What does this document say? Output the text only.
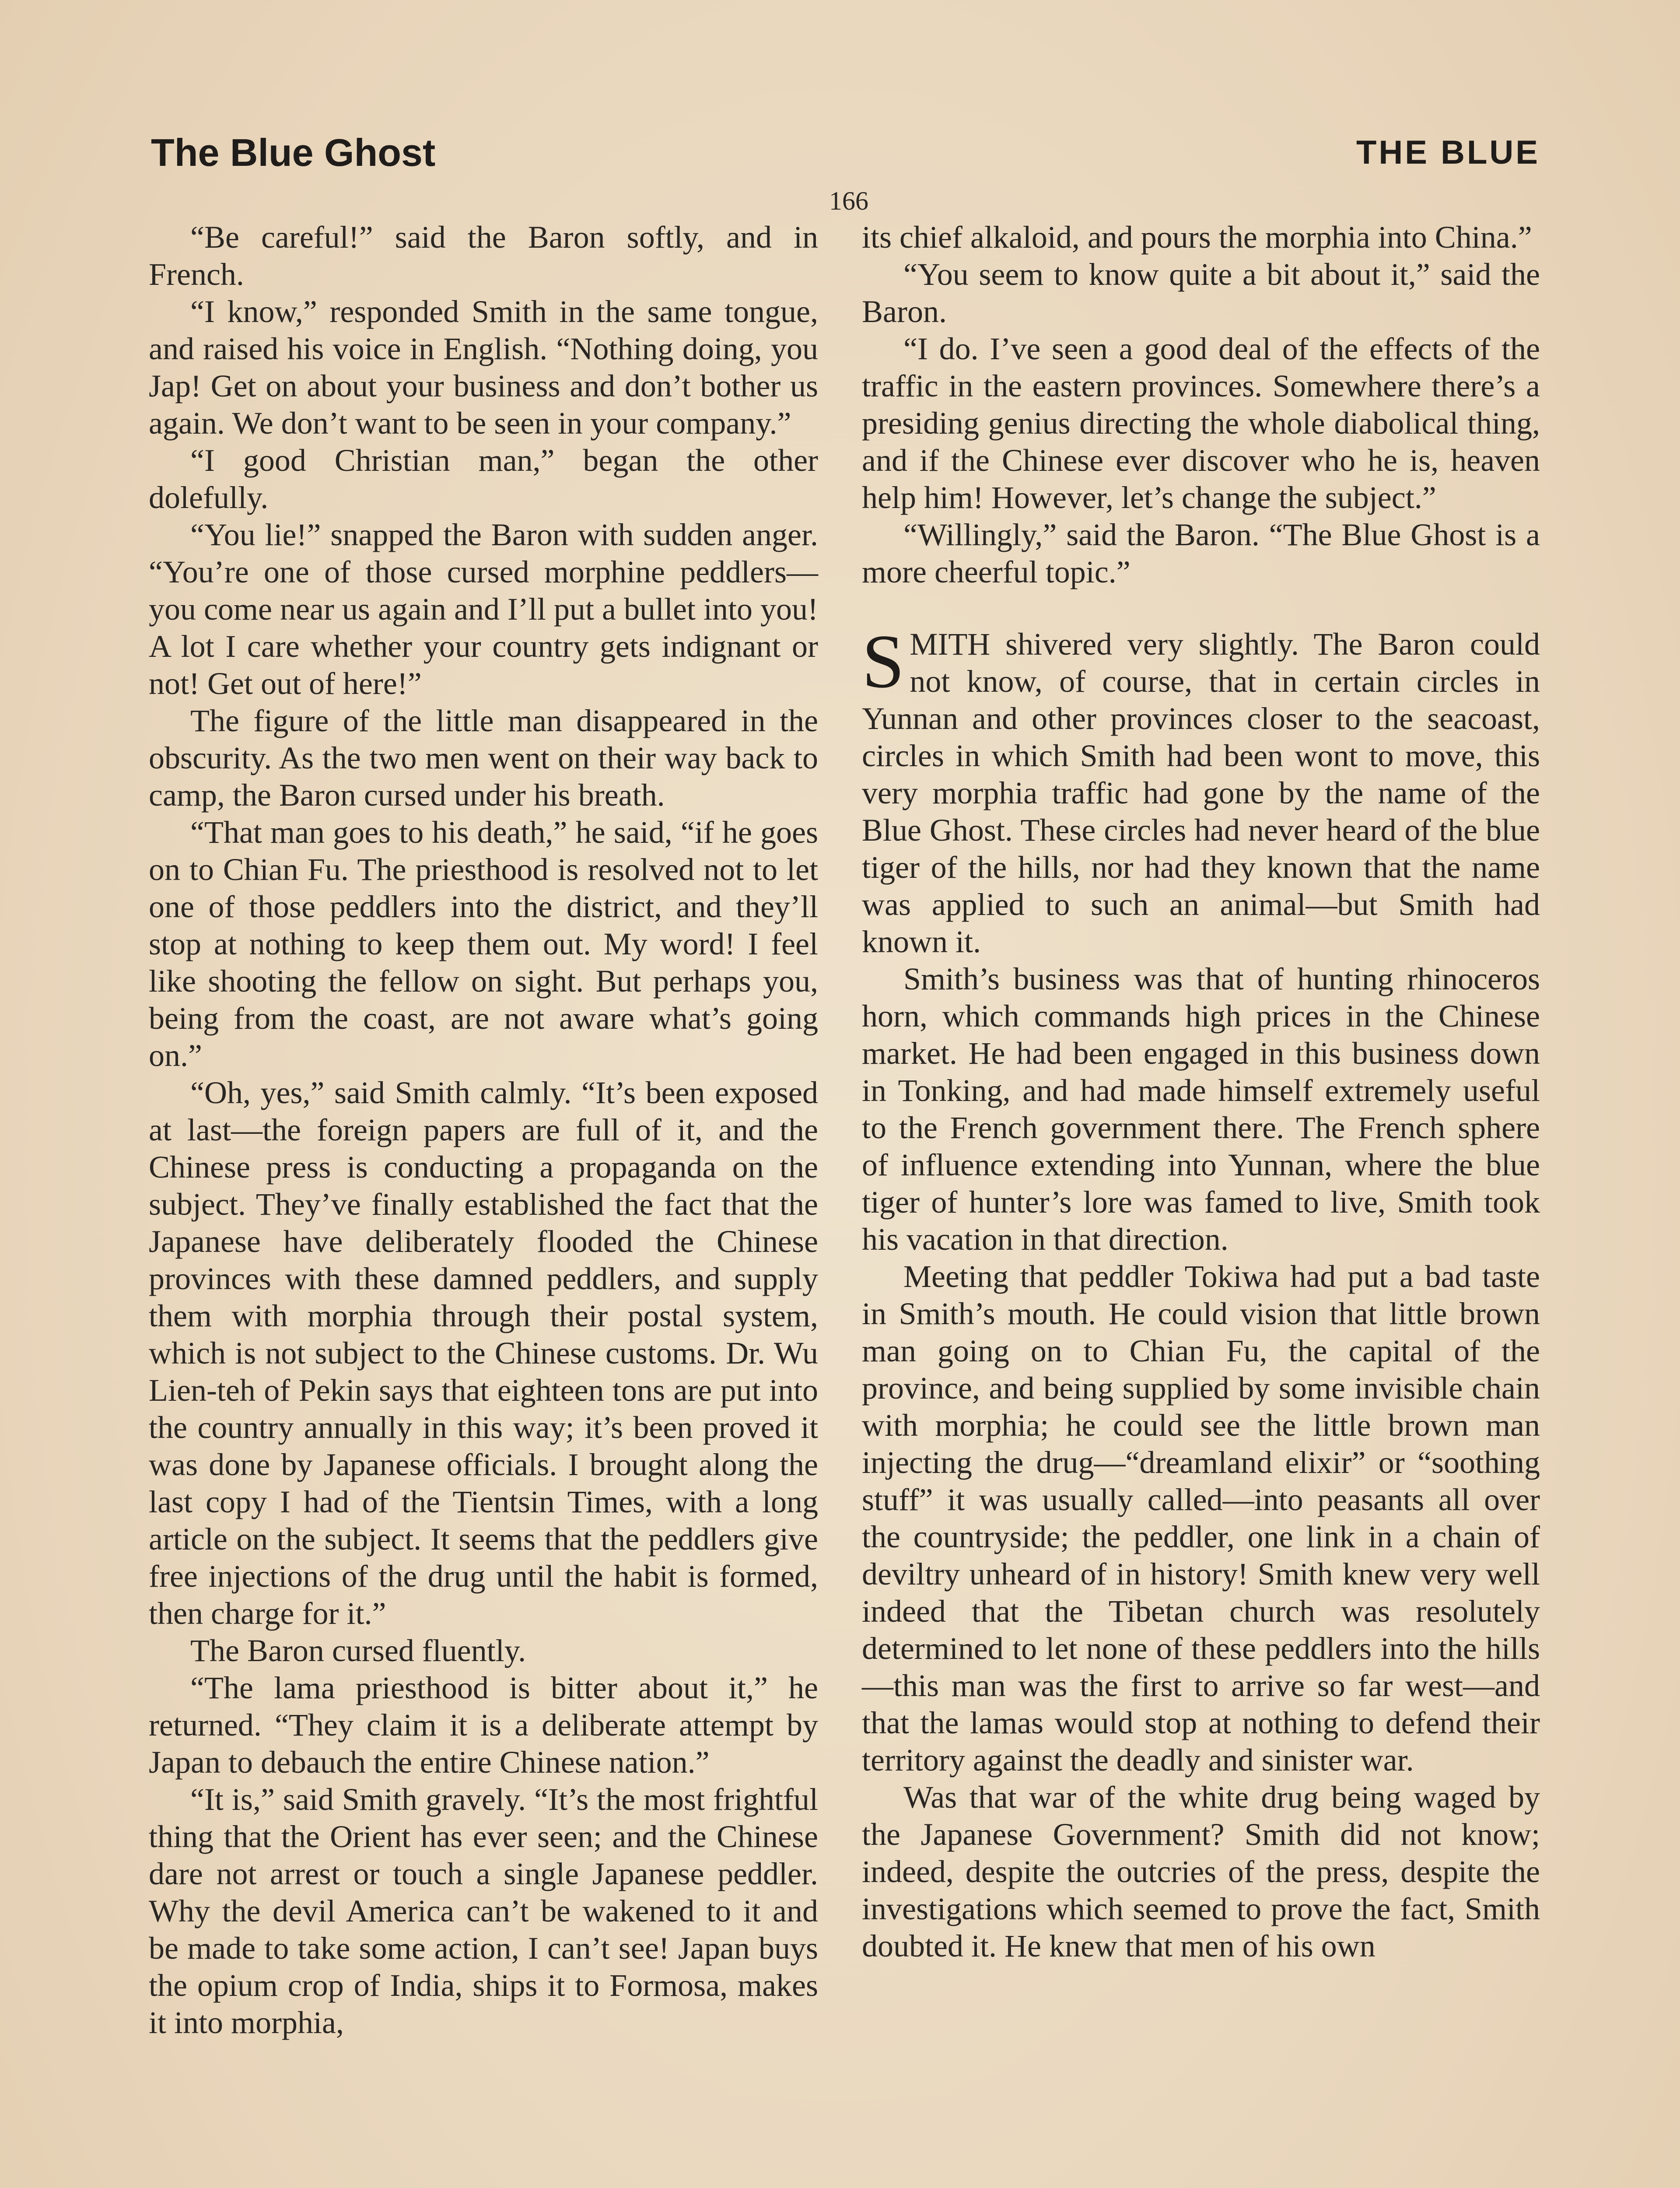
The Blue Ghost	THE BLUE
166

“Be careful!” said the Baron softly, and in French.

“I know,” responded Smith in the same tongue, and raised his voice in English. “Nothing doing, you Jap! Get on about your business and don’t bother us again. We don’t want to be seen in your company.”

“I good Christian man,” began the other dolefully.

“You lie!” snapped the Baron with sudden anger. “You’re one of those cursed morphine peddlers—you come near us again and I’ll put a bullet into you! A lot I care whether your country gets indignant or not! Get out of here!”

The figure of the little man disappeared in the obscurity. As the two men went on their way back to camp, the Baron cursed under his breath.

“That man goes to his death,” he said, “if he goes on to Chian Fu. The priesthood is resolved not to let one of those peddlers into the district, and they’ll stop at nothing to keep them out. My word! I feel like shooting the fellow on sight. But perhaps you, being from the coast, are not aware what’s going on.”

“Oh, yes,” said Smith calmly. “It’s been exposed at last—the foreign papers are full of it, and the Chinese press is conducting a propaganda on the subject. They’ve finally established the fact that the Japanese have deliberately flooded the Chinese provinces with these damned peddlers, and supply them with morphia through their postal system, which is not subject to the Chinese customs. Dr. Wu Lien-teh of Pekin says that eighteen tons are put into the country annually in this way; it’s been proved it was done by Japanese officials. I brought along the last copy I had of the Tientsin Times, with a long article on the subject. It seems that the peddlers give free injections of the drug until the habit is formed, then charge for it.”

The Baron cursed fluently.

“The lama priesthood is bitter about it,” he returned. “They claim it is a deliberate attempt by Japan to debauch the entire Chinese nation.”

“It is,” said Smith gravely. “It’s the most frightful thing that the Orient has ever seen; and the Chinese dare not arrest or touch a single Japanese peddler. Why the devil America can’t be wakened to it and be made to take some action, I can’t see! Japan buys the opium crop of India, ships it to Formosa, makes it into morphia,

its chief alkaloid, and pours the morphia into China.”

“You seem to know quite a bit about it,” said the Baron.

“I do. I’ve seen a good deal of the effects of the traffic in the eastern provinces. Somewhere there’s a presiding genius directing the whole diabolical thing, and if the Chinese ever discover who he is, heaven help him! However, let’s change the subject.”

“Willingly,” said the Baron. “The Blue Ghost is a more cheerful topic.”

SMITH shivered very slightly. The Baron could not know, of course, that in certain circles in Yunnan and other provinces closer to the seacoast, circles in which Smith had been wont to move, this very morphia traffic had gone by the name of the Blue Ghost. These circles had never heard of the blue tiger of the hills, nor had they known that the name was applied to such an animal—but Smith had known it.

Smith’s business was that of hunting rhinoceros horn, which commands high prices in the Chinese market. He had been engaged in this business down in Tonking, and had made himself extremely useful to the French government there. The French sphere of influence extending into Yunnan, where the blue tiger of hunter’s lore was famed to live, Smith took his vacation in that direction.

Meeting that peddler Tokiwa had put a bad taste in Smith’s mouth. He could vision that little brown man going on to Chian Fu, the capital of the province, and being supplied by some invisible chain with morphia; he could see the little brown man injecting the drug—“dreamland elixir” or “soothing stuff” it was usually called—into peasants all over the countryside; the peddler, one link in a chain of deviltry unheard of in history! Smith knew very well indeed that the Tibetan church was resolutely determined to let none of these peddlers into the hills—this man was the first to arrive so far west—and that the lamas would stop at nothing to defend their territory against the deadly and sinister war.

Was that war of the white drug being waged by the Japanese Government? Smith did not know; indeed, despite the outcries of the press, despite the investigations which seemed to prove the fact, Smith doubted it. He knew that men of his own
